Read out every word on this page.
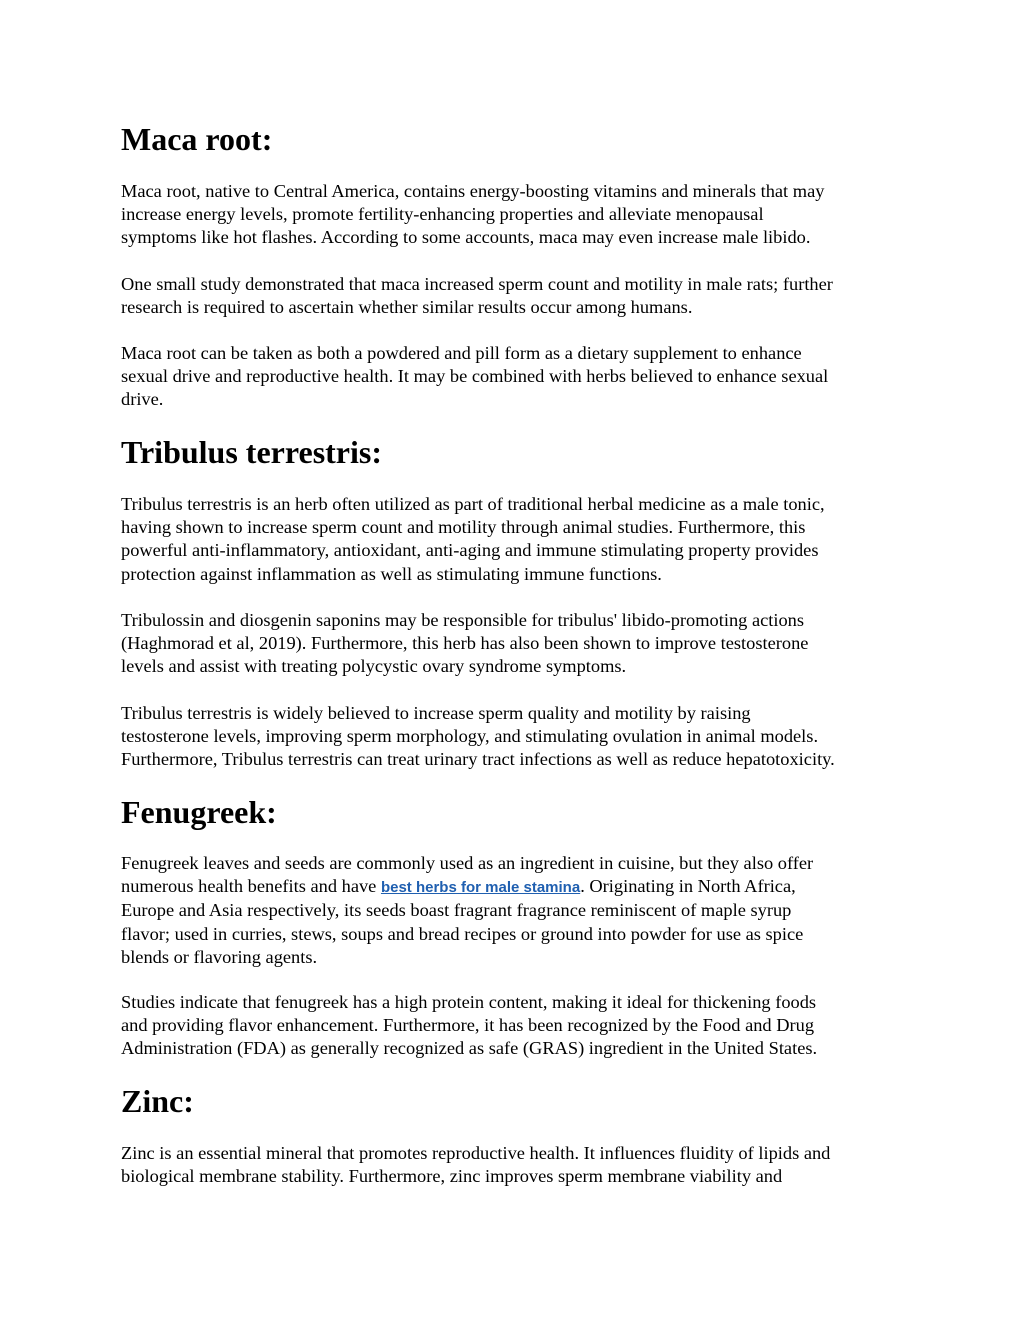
Maca root:

Maca root, native to Central America, contains energy-boosting vitamins and minerals that may
increase energy levels, promote fertility-enhancing properties and alleviate menopausal
symptoms like hot flashes. According to some accounts, maca may even increase male libido.

One small study demonstrated that maca increased sperm count and motility in male rats; further
research is required to ascertain whether similar results occur among humans.

Maca root can be taken as both a powdered and pill form as a dietary supplement to enhance
sexual drive and reproductive health. It may be combined with herbs believed to enhance sexual
drive.

Tribulus terrestris:

Tribulus terrestris is an herb often utilized as part of traditional herbal medicine as a male tonic,
having shown to increase sperm count and motility through animal studies. Furthermore, this
powerful anti-inflammatory, antioxidant, anti-aging and immune stimulating property provides
protection against inflammation as well as stimulating immune functions.

Tribulossin and diosgenin saponins may be responsible for tribulus' libido-promoting actions
(Haghmorad et al, 2019). Furthermore, this herb has also been shown to improve testosterone
levels and assist with treating polycystic ovary syndrome symptoms.

Tribulus terrestris is widely believed to increase sperm quality and motility by raising
testosterone levels, improving sperm morphology, and stimulating ovulation in animal models.
Furthermore, Tribulus terrestris can treat urinary tract infections as well as reduce hepatotoxicity.

Fenugreek:

Fenugreek leaves and seeds are commonly used as an ingredient in cuisine, but they also offer
numerous health benefits and have best herbs for male stamina. Originating in North Africa,
Europe and Asia respectively, its seeds boast fragrant fragrance reminiscent of maple syrup
flavor; used in curries, stews, soups and bread recipes or ground into powder for use as spice
blends or flavoring agents.

Studies indicate that fenugreek has a high protein content, making it ideal for thickening foods
and providing flavor enhancement. Furthermore, it has been recognized by the Food and Drug
Administration (FDA) as generally recognized as safe (GRAS) ingredient in the United States.

Zinc:

Zinc is an essential mineral that promotes reproductive health. It influences fluidity of lipids and
biological membrane stability. Furthermore, zinc improves sperm membrane viability and
